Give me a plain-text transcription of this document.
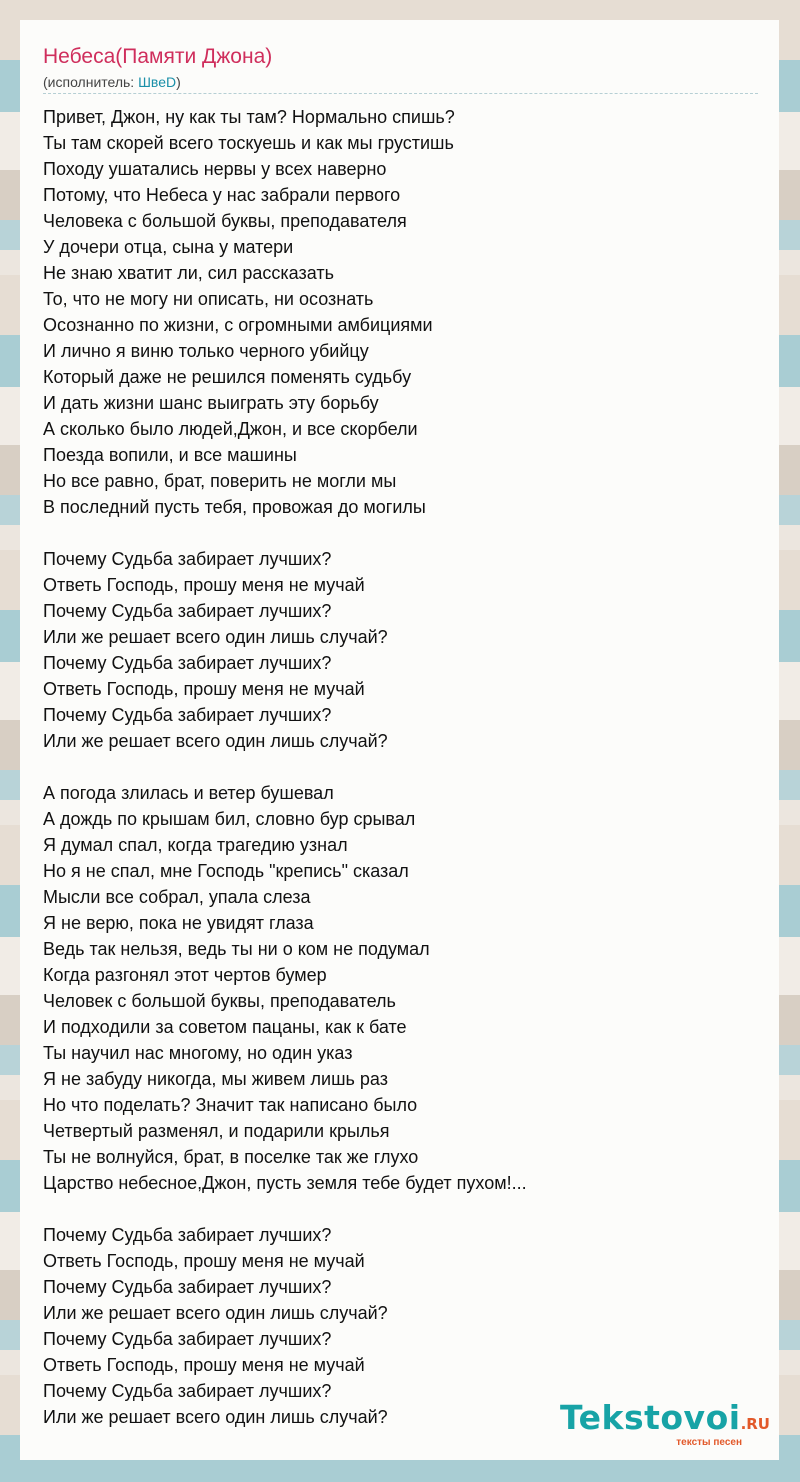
Небеса(Памяти Джона)
(исполнитель: ШвеD)
Привет, Джон, ну как ты там? Нормально спишь?
Ты там скорей всего тоскуешь и как мы грустишь
Походу ушатались нервы у всех наверно
Потому, что Небеса у нас забрали первого
Человека с большой буквы, преподавателя
У дочери отца, сына у матери
Не знаю хватит ли, сил рассказать
То, что не могу ни описать, ни осознать
Осознанно по жизни, с огромными амбициями
И лично я виню только черного убийцу
Который даже не решился поменять судьбу
И дать жизни шанс выиграть эту борьбу
А сколько было людей,Джон, и все скорбели
Поезда вопили, и все машины
Но все равно, брат, поверить не могли мы
В последний пусть тебя, провожая до могилы
Почему Судьба забирает лучших?
Ответь Господь, прошу меня не мучай
Почему Судьба забирает лучших?
Или же решает всего один лишь случай?
Почему Судьба забирает лучших?
Ответь Господь, прошу меня не мучай
Почему Судьба забирает лучших?
Или же решает всего один лишь случай?
А погода злилась и ветер бушевал
А дождь по крышам бил, словно бур срывал
Я думал спал, когда трагедию узнал
Но я не спал, мне Господь "крепись" сказал
Мысли все собрал, упала слеза
Я не верю, пока не увидят глаза
Ведь так нельзя, ведь ты ни о ком не подумал
Когда разгонял этот чертов бумер
Человек с большой буквы, преподаватель
И подходили за советом пацаны, как к бате
Ты научил нас многому, но один указ
Я не забуду никогда, мы живем лишь раз
Но что поделать? Значит так написано было
Четвертый разменял, и подарили крылья
Ты не волнуйся, брат, в поселке так же глухо
Царство небесное,Джон, пусть земля тебе будет пухом!...
Почему Судьба забирает лучших?
Ответь Господь, прошу меня не мучай
Почему Судьба забирает лучших?
Или же решает всего один лишь случай?
Почему Судьба забирает лучших?
Ответь Господь, прошу меня не мучай
Почему Судьба забирает лучших?
Или же решает всего один лишь случай?	Tekstovoi.RU
тексты песен
